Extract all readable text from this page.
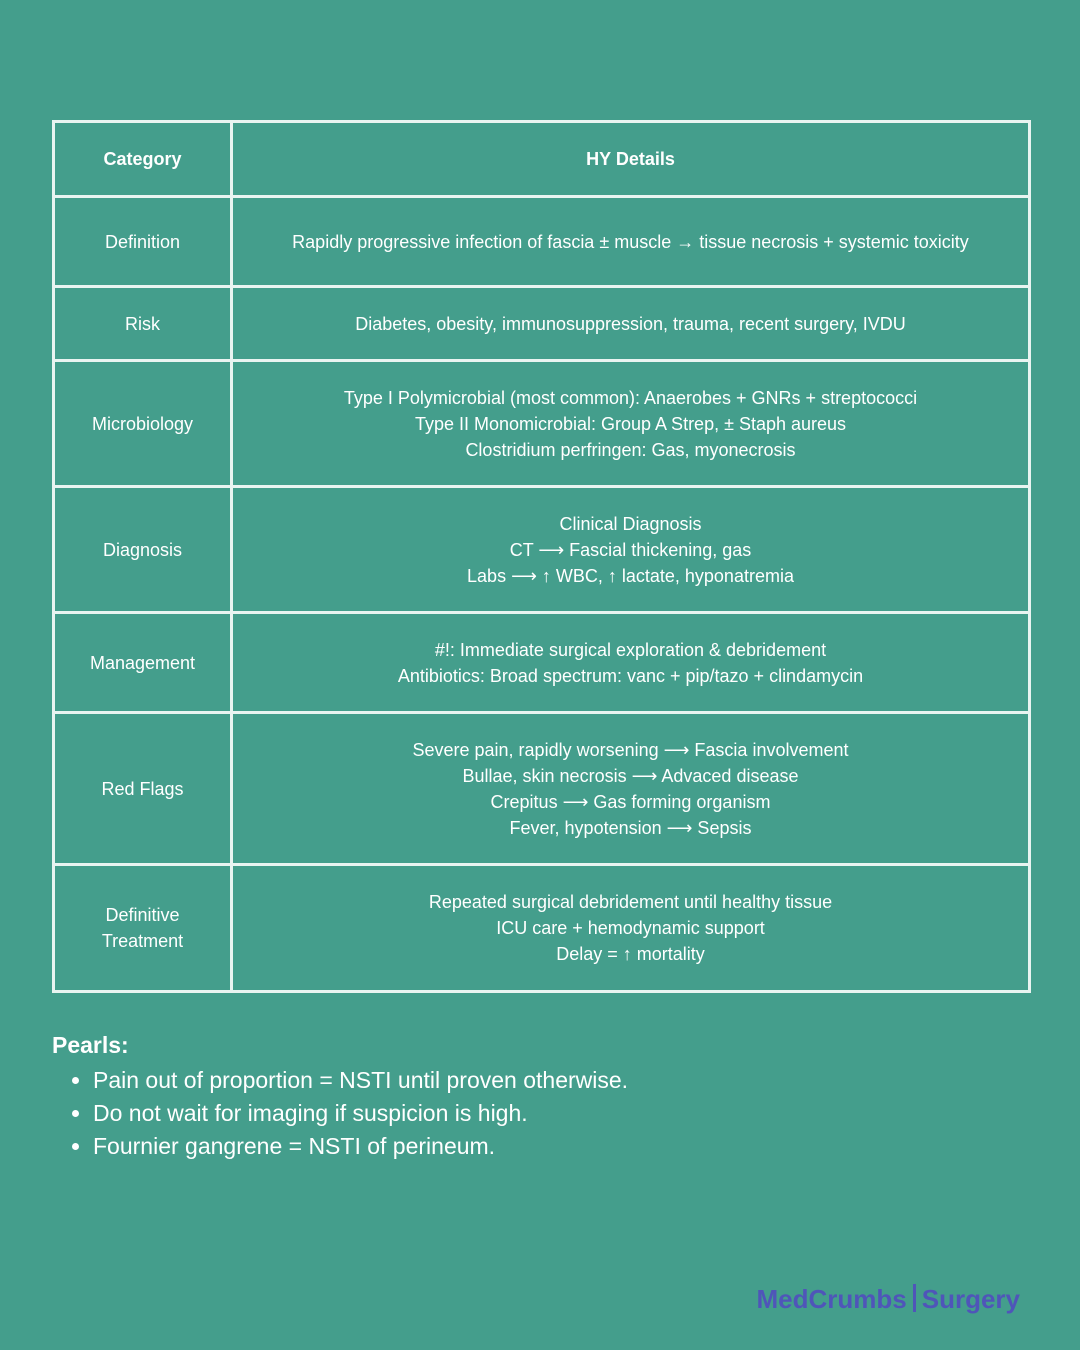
Category	HY Details

Definition	Rapidly progressive infection of fascia ± muscle → tissue necrosis + systemic toxicity

Risk	Diabetes, obesity, immunosuppression, trauma, recent surgery, IVDU

Microbiology	Type I Polymicrobial (most common): Anaerobes + GNRs + streptococci
Type II Monomicrobial: Group A Strep, ± Staph aureus
Clostridium perfringen: Gas, myonecrosis

Diagnosis	Clinical Diagnosis
CT ⟶ Fascial thickening, gas
Labs ⟶ ↑ WBC, ↑ lactate, hyponatremia

Management	#!: Immediate surgical exploration & debridement
Antibiotics: Broad spectrum: vanc + pip/tazo + clindamycin

Red Flags	Severe pain, rapidly worsening ⟶ Fascia involvement
Bullae, skin necrosis ⟶ Advaced disease
Crepitus ⟶ Gas forming organism
Fever, hypotension ⟶ Sepsis

Definitive
Treatment	Repeated surgical debridement until healthy tissue
ICU care + hemodynamic support
Delay = ↑ mortality
Pearls:
• Pain out of proportion = NSTI until proven otherwise.
• Do not wait for imaging if suspicion is high.
• Fournier gangrene = NSTI of perineum.
MedCrumbs Surgery
